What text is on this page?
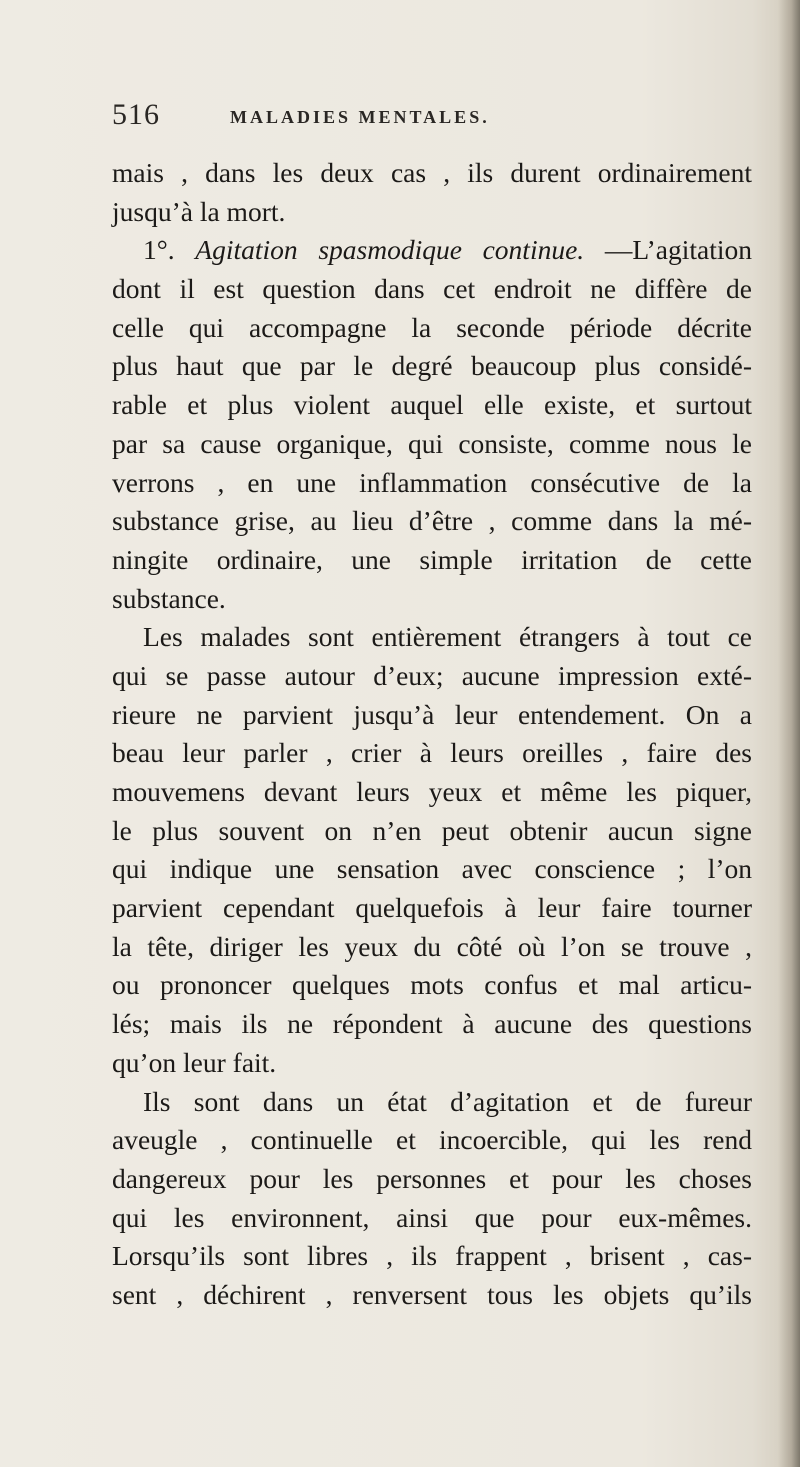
516	MALADIES MENTALES.
mais , dans les deux cas , ils durent ordinairement
jusqu’à la mort.
1°. Agitation spasmodique continue. —L’agitation
dont il est question dans cet endroit ne diffère de
celle qui accompagne la seconde période décrite
plus haut que par le degré beaucoup plus considé-
rable et plus violent auquel elle existe, et surtout
par sa cause organique, qui consiste, comme nous le
verrons , en une inflammation consécutive de la
substance grise, au lieu d’être , comme dans la mé-
ningite ordinaire, une simple irritation de cette
substance.
Les malades sont entièrement étrangers à tout ce
qui se passe autour d’eux; aucune impression exté-
rieure ne parvient jusqu’à leur entendement. On a
beau leur parler , crier à leurs oreilles , faire des
mouvemens devant leurs yeux et même les piquer,
le plus souvent on n’en peut obtenir aucun signe
qui indique une sensation avec conscience ; l’on
parvient cependant quelquefois à leur faire tourner
la tête, diriger les yeux du côté où l’on se trouve ,
ou prononcer quelques mots confus et mal articu-
lés; mais ils ne répondent à aucune des questions
qu’on leur fait.
Ils sont dans un état d’agitation et de fureur
aveugle , continuelle et incoercible, qui les rend
dangereux pour les personnes et pour les choses
qui les environnent, ainsi que pour eux-mêmes.
Lorsqu’ils sont libres , ils frappent , brisent , cas-
sent , déchirent , renversent tous les objets qu’ils
